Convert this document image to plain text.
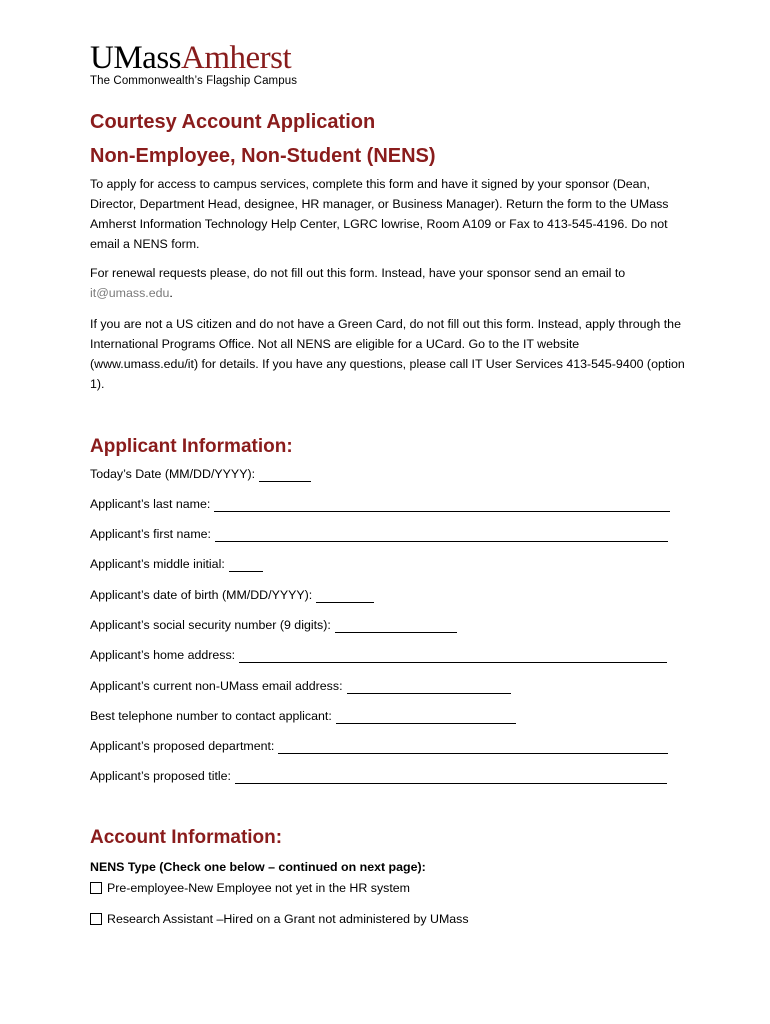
UMassAmherst
The Commonwealth’s Flagship Campus
Courtesy Account Application
Non-Employee, Non-Student (NENS)
To apply for access to campus services, complete this form and have it signed by your sponsor (Dean, Director, Department Head, designee, HR manager, or Business Manager). Return the form to the UMass Amherst Information Technology Help Center, LGRC lowrise, Room A109 or Fax to 413-545-4196. Do not email a NENS form.
For renewal requests please, do not fill out this form. Instead, have your sponsor send an email to
it@umass.edu.
If you are not a US citizen and do not have a Green Card, do not fill out this form. Instead, apply through the International Programs Office. Not all NENS are eligible for a UCard. Go to the IT website (www.umass.edu/it) for details. If you have any questions, please call IT User Services 413-545-9400 (option 1).
Applicant Information:
Today’s Date (MM/DD/YYYY):
Applicant’s last name:
Applicant’s first name:
Applicant’s middle initial:
Applicant’s date of birth (MM/DD/YYYY):
Applicant’s social security number (9 digits):
Applicant’s home address:
Applicant’s current non-UMass email address:
Best telephone number to contact applicant:
Applicant’s proposed department:
Applicant’s proposed title:
Account Information:
NENS Type (Check one below – continued on next page):
Pre-employee-New Employee not yet in the HR system
Research Assistant –Hired on a Grant not administered by UMass
